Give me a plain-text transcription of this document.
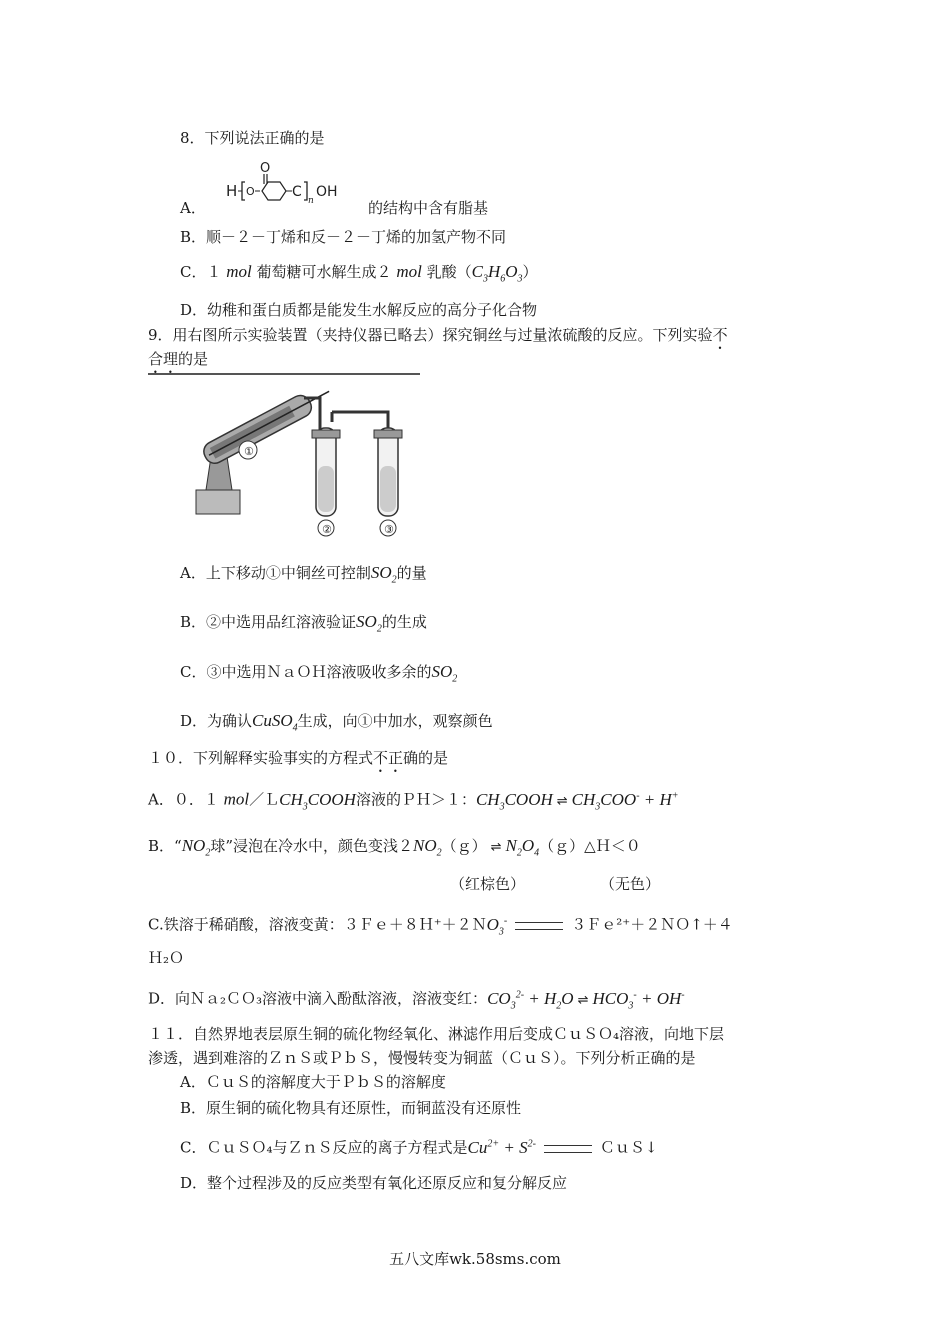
8．下列说法正确的是
A．
O
H O	C
n
OH
的结构中含有脂基
B．顺－２－丁烯和反－２－丁烯的加氢产物不同
C．１ mol 葡萄糖可水解生成２ mol 乳酸$(C_3H_6O_3)$
D．幼稚和蛋白质都是能发生水解反应的高分子化合物
9．用右图所示实验装置（夹持仪器已略去）探究铜丝与过量浓硫酸的反应。下列实验不
合理的是
①
②	③
A．上下移动①中铜丝可控制$SO_2$的量
B．②中选用品红溶液验证$SO_2$的生成
C．③中选用ＮａＯＨ溶液吸收多余的$SO_2$
D．为确认CuSO$_4$生成，向①中加水，观察颜色
１０．下列解释实验事实的方程式不正确的是
A．０．１ mol／ＬCH$_3$COOH溶液的ＰＨ＞１：$CH_3COOH$ ⇌ $CH_3COO^- + H^+$
B．“$NO_2$球”浸泡在冷水中，颜色变浅$2NO_2(g)$ ⇌ $N_2O_4(g)\triangle H<0$
（红棕色）	（无色）
C.铁溶于稀硝酸，溶液变黄：３Ｆｅ＋８Ｈ⁺＋２ＮO$_3$-	３Ｆｅ²⁺＋２ＮＯ↑＋４
Ｈ₂Ｏ
D．向Ｎａ₂ＣＯ₃溶液中滴入酚酞溶液，溶液变红：$CO_3^{2-} + H_2O$ ⇌ $HCO_3^- + OH^-$
１１．自然界地表层原生铜的硫化物经氧化、淋滤作用后变成ＣｕＳＯ₄溶液，向地下层
渗透，遇到难溶的ＺｎＳ或ＰｂＳ，慢慢转变为铜蓝（ＣｕＳ）。下列分析正确的是
A．ＣｕＳ的溶解度大于ＰｂＳ的溶解度
B．原生铜的硫化物具有还原性，而铜蓝没有还原性
C．ＣｕＳＯ₄与ＺｎＳ反应的离子方程式是$Cu^{2+} + S^{2-}$	ＣｕＳ↓
D．整个过程涉及的反应类型有氧化还原反应和复分解反应
五八文库wk.58sms.com
